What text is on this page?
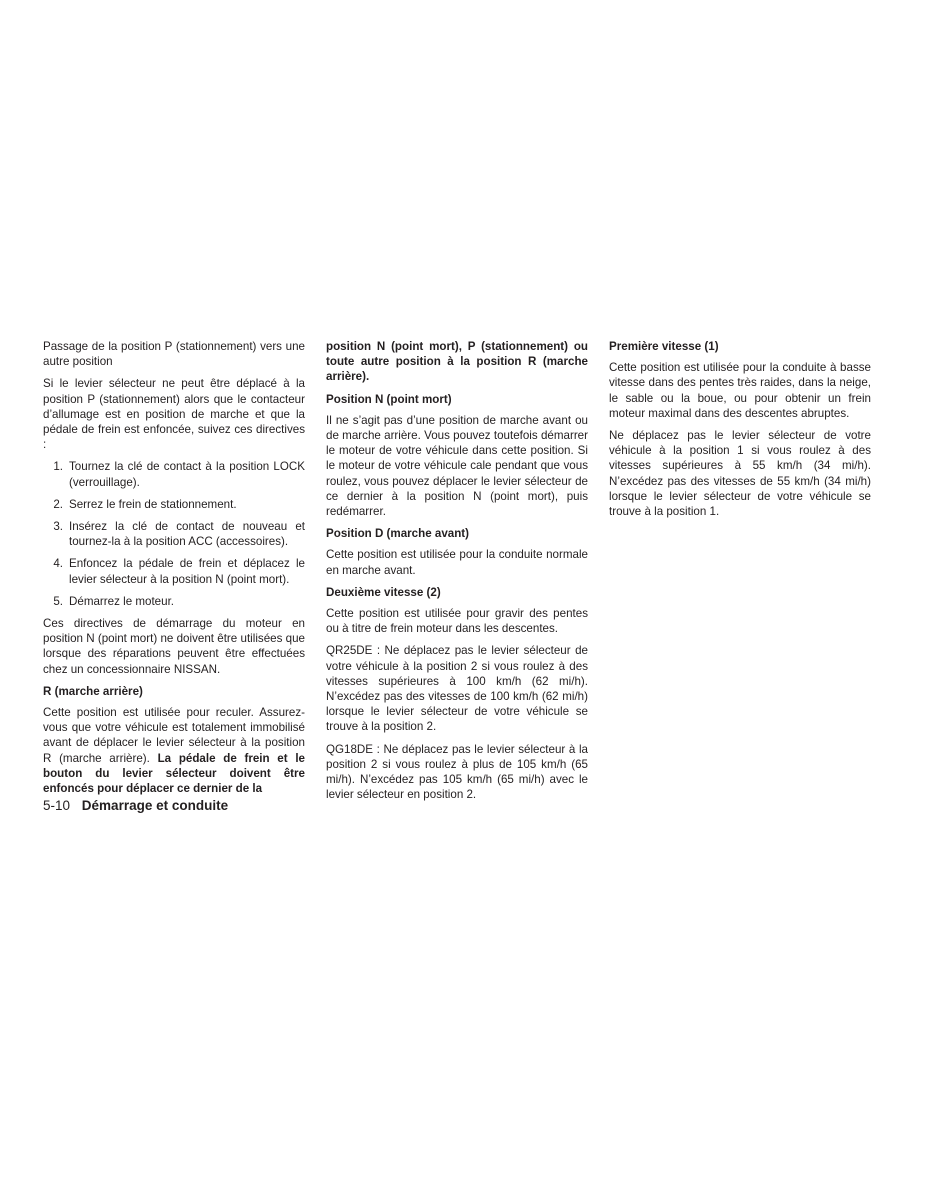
Passage de la position P (stationnement) vers une autre position

Si le levier sélecteur ne peut être déplacé à la position P (stationnement) alors que le contacteur d’allumage est en position de marche et que la pédale de frein est enfoncée, suivez ces directives :

1. Tournez la clé de contact à la position LOCK (verrouillage).
2. Serrez le frein de stationnement.
3. Insérez la clé de contact de nouveau et tournez-la à la position ACC (accessoires).
4. Enfoncez la pédale de frein et déplacez le levier sélecteur à la position N (point mort).
5. Démarrez le moteur.

Ces directives de démarrage du moteur en position N (point mort) ne doivent être utilisées que lorsque des réparations peuvent être effectuées chez un concessionnaire NISSAN.

R (marche arrière)

Cette position est utilisée pour reculer. Assurez-vous que votre véhicule est totalement immobilisé avant de déplacer le levier sélecteur à la position R (marche arrière). La pédale de frein et le bouton du levier sélecteur doivent être enfoncés pour déplacer ce dernier de la

position N (point mort), P (stationnement) ou toute autre position à la position R (marche arrière).

Position N (point mort)

Il ne s’agit pas d’une position de marche avant ou de marche arrière. Vous pouvez toutefois démarrer le moteur de votre véhicule dans cette position. Si le moteur de votre véhicule cale pendant que vous roulez, vous pouvez déplacer le levier sélecteur de ce dernier à la position N (point mort), puis redémarrer.

Position D (marche avant)

Cette position est utilisée pour la conduite normale en marche avant.

Deuxième vitesse (2)

Cette position est utilisée pour gravir des pentes ou à titre de frein moteur dans les descentes.

QR25DE : Ne déplacez pas le levier sélecteur de votre véhicule à la position 2 si vous roulez à des vitesses supérieures à 100 km/h (62 mi/h). N’excédez pas des vitesses de 100 km/h (62 mi/h) lorsque le levier sélecteur de votre véhicule se trouve à la position 2.

QG18DE : Ne déplacez pas le levier sélecteur à la position 2 si vous roulez à plus de 105 km/h (65 mi/h). N’excédez pas 105 km/h (65 mi/h) avec le levier sélecteur en position 2.

Première vitesse (1)

Cette position est utilisée pour la conduite à basse vitesse dans des pentes très raides, dans la neige, le sable ou la boue, ou pour obtenir un frein moteur maximal dans des descentes abruptes.

Ne déplacez pas le levier sélecteur de votre véhicule à la position 1 si vous roulez à des vitesses supérieures à 55 km/h (34 mi/h). N’excédez pas des vitesses de 55 km/h (34 mi/h) lorsque le levier sélecteur de votre véhicule se trouve à la position 1.

5-10 Démarrage et conduite
